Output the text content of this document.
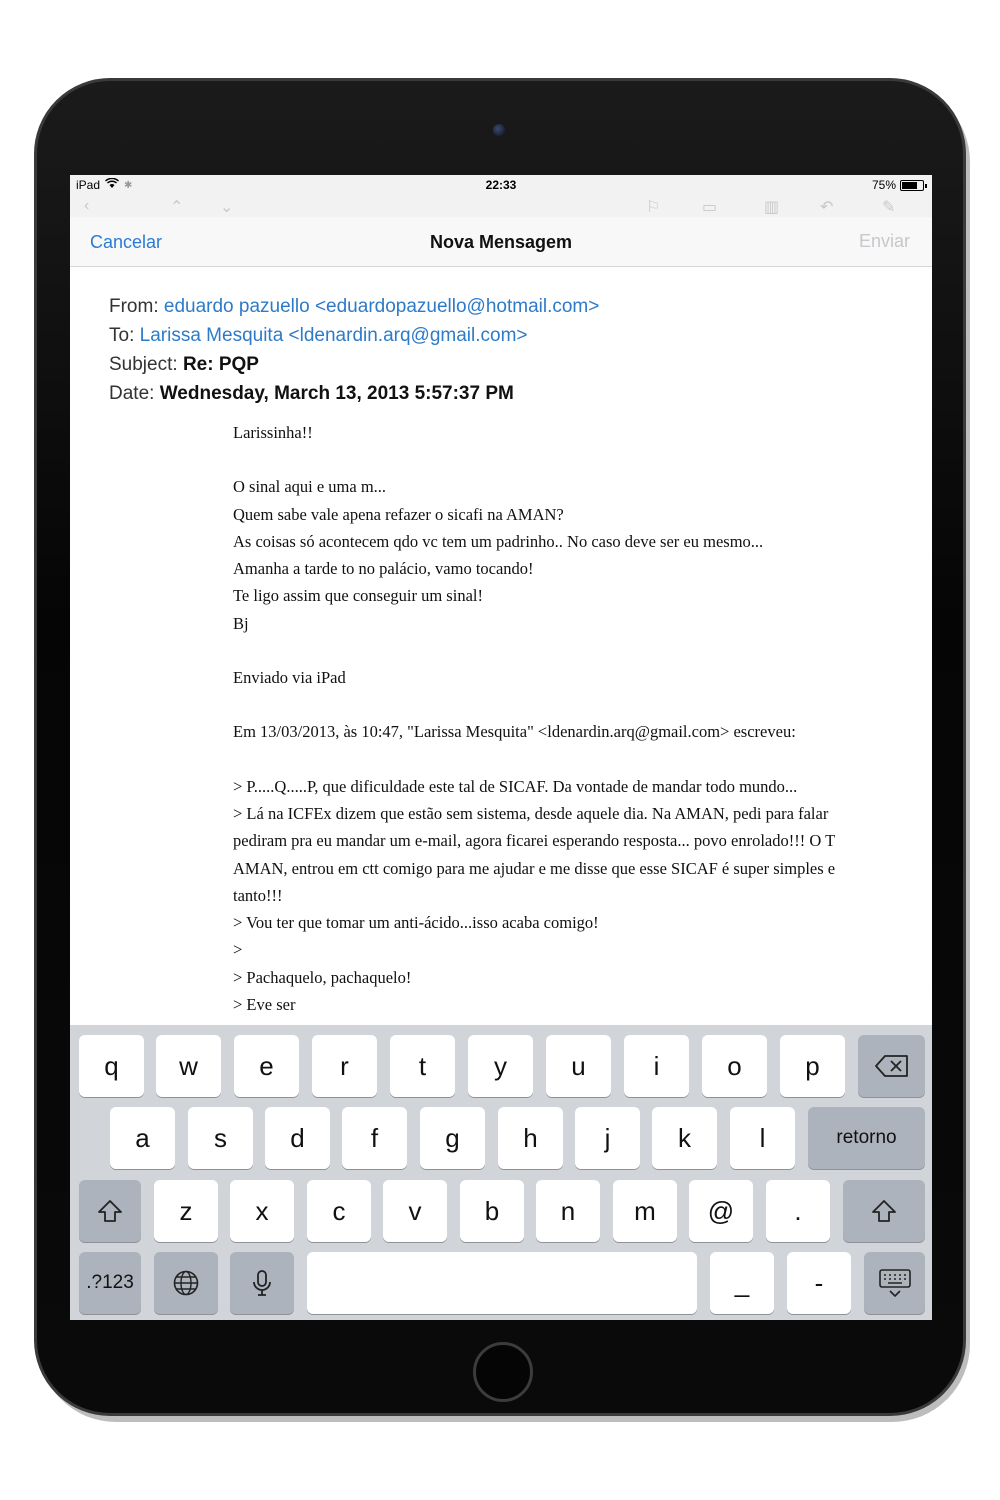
iPad ✱	22:33	75%
‹	⌃ ⌄	⚐	▭	▥	↶	✎
Cancelar	Nova Mensagem	Enviar
From: eduardo pazuello <eduardopazuello@hotmail.com>
To: Larissa Mesquita <ldenardin.arq@gmail.com>
Subject: Re: PQP
Date: Wednesday, March 13, 2013 5:57:37 PM
Larissinha!!
O sinal aqui e uma m...
Quem sabe vale apena refazer o sicafi na AMAN?
As coisas só acontecem qdo vc tem um padrinho.. No caso deve ser eu mesmo...
Amanha a tarde to no palácio, vamo tocando!
Te ligo assim que conseguir um sinal!
Bj
Enviado via iPad
Em 13/03/2013, às 10:47, "Larissa Mesquita" <ldenardin.arq@gmail.com> escreveu:
> P.....Q.....P, que dificuldade este tal de SICAF. Da vontade de mandar todo mundo...
> Lá na ICFEx dizem que estão sem sistema, desde aquele dia. Na AMAN, pedi para falar
pediram pra eu mandar um e-mail, agora ficarei esperando resposta... povo enrolado!!! O T
AMAN, entrou em ctt comigo para me ajudar e me disse que esse SICAF é super simples e
tanto!!!
> Vou ter que tomar um anti-ácido...isso acaba comigo!
>
> Pachaquelo, pachaquelo!
> Eve ser
q	w	e	r	t	y	u	i	o	p
a	s	d	f	g	h	j	k	l	retorno
z	x	c	v	b	n	m	@	.
.?123	_	-
